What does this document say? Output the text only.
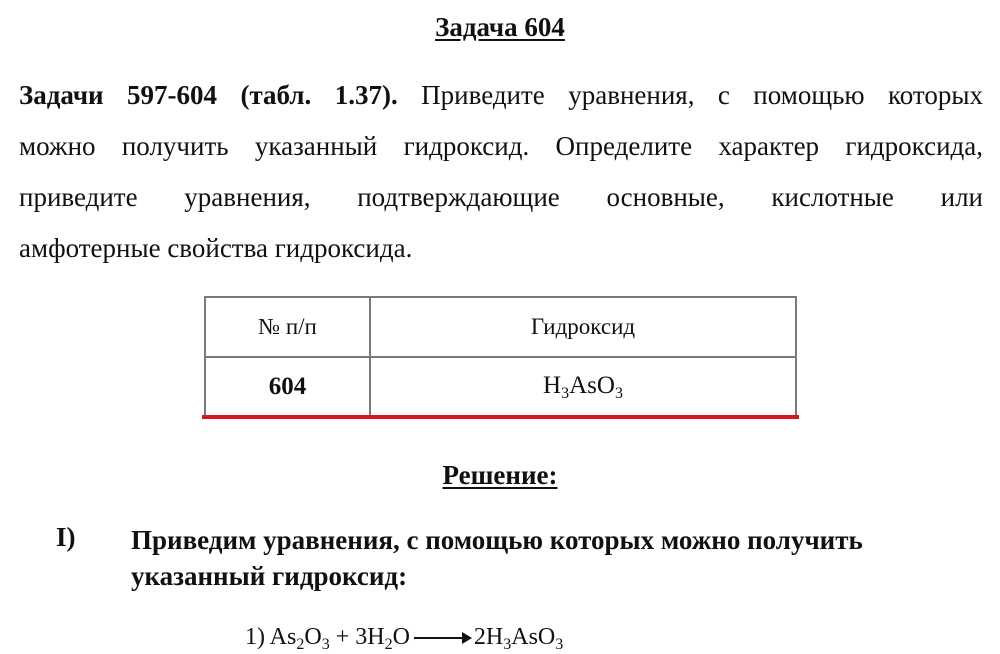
Задача 604
Задачи 597-604 (табл. 1.37). Приведите уравнения, с помощью которых
можно получить указанный гидроксид. Определите характер гидроксида,
приведите уравнения, подтверждающие основные, кислотные или
амфотерные свойства гидроксида.
№ п/п	Гидроксид
604	$H_3AsO_3$
Решение:
I) Приведим уравнения, с помощью которых можно получить указанный гидроксид:
1) $As_2O_3 + 3H_2O \to 2H_3AsO_3$
